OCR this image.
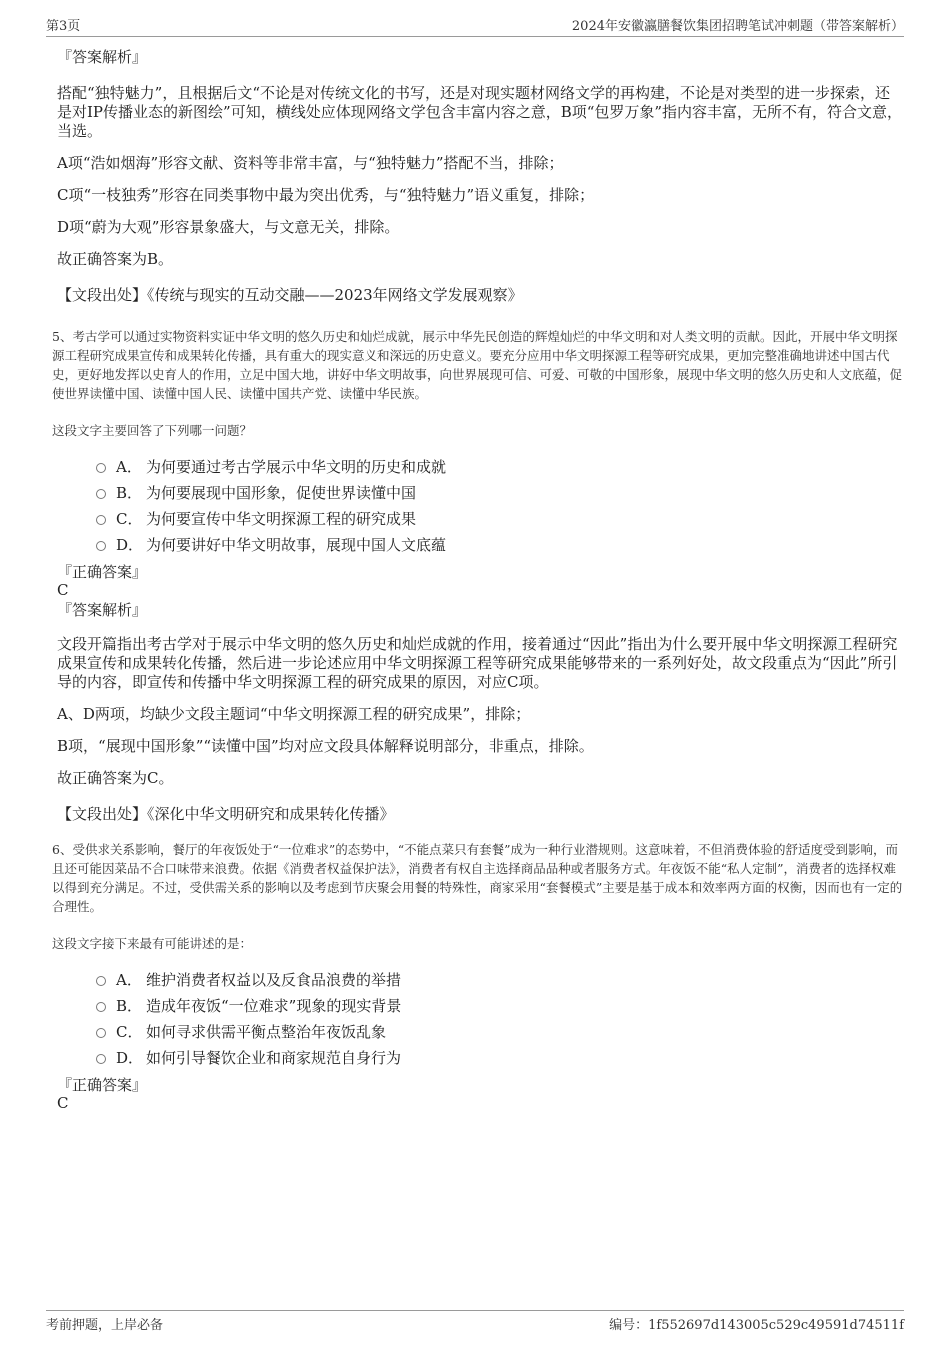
第3页	2024年安徽瀛膳餐饮集团招聘笔试冲刺题（带答案解析）
『答案解析』

搭配“独特魅力”，且根据后文“不论是对传统文化的书写，还是对现实题材网络文学的再构建，不论是对类型的进一步探索，还是对IP传播业态的新图绘”可知，横线处应体现网络文学包含丰富内容之意，B项“包罗万象”指内容丰富，无所不有，符合文意，当选。

A项“浩如烟海”形容文献、资料等非常丰富，与“独特魅力”搭配不当，排除；

C项“一枝独秀”形容在同类事物中最为突出优秀，与“独特魅力”语义重复，排除；

D项“蔚为大观”形容景象盛大，与文意无关，排除。

故正确答案为B。

【文段出处】《传统与现实的互动交融——2023年网络文学发展观察》

5、考古学可以通过实物资料实证中华文明的悠久历史和灿烂成就，展示中华先民创造的辉煌灿烂的中华文明和对人类文明的贡献。因此，开展中华文明探源工程研究成果宣传和成果转化传播，具有重大的现实意义和深远的历史意义。要充分应用中华文明探源工程等研究成果，更加完整准确地讲述中国古代史，更好地发挥以史育人的作用，立足中国大地，讲好中华文明故事，向世界展现可信、可爱、可敬的中国形象，展现中华文明的悠久历史和人文底蕴，促使世界读懂中国、读懂中国人民、读懂中国共产党、读懂中华民族。

这段文字主要回答了下列哪一问题？

A． 为何要通过考古学展示中华文明的历史和成就
B． 为何要展现中国形象，促使世界读懂中国
C． 为何要宣传中华文明探源工程的研究成果
D． 为何要讲好中华文明故事，展现中国人文底蕴
『正确答案』
C
『答案解析』

文段开篇指出考古学对于展示中华文明的悠久历史和灿烂成就的作用，接着通过“因此”指出为什么要开展中华文明探源工程研究成果宣传和成果转化传播，然后进一步论述应用中华文明探源工程等研究成果能够带来的一系列好处，故文段重点为“因此”所引导的内容，即宣传和传播中华文明探源工程的研究成果的原因，对应C项。

A、D两项，均缺少文段主题词“中华文明探源工程的研究成果”，排除；

B项，“展现中国形象”“读懂中国”均对应文段具体解释说明部分，非重点，排除。

故正确答案为C。

【文段出处】《深化中华文明研究和成果转化传播》

6、受供求关系影响，餐厅的年夜饭处于“一位难求”的态势中，“不能点菜只有套餐”成为一种行业潜规则。这意味着，不但消费体验的舒适度受到影响，而且还可能因菜品不合口味带来浪费。依据《消费者权益保护法》，消费者有权自主选择商品品种或者服务方式。年夜饭不能“私人定制”，消费者的选择权难以得到充分满足。不过，受供需关系的影响以及考虑到节庆聚会用餐的特殊性，商家采用“套餐模式”主要是基于成本和效率两方面的权衡，因而也有一定的合理性。

这段文字接下来最有可能讲述的是：

A． 维护消费者权益以及反食品浪费的举措
B． 造成年夜饭“一位难求”现象的现实背景
C． 如何寻求供需平衡点整治年夜饭乱象
D． 如何引导餐饮企业和商家规范自身行为
『正确答案』
C
考前押题，上岸必备	编号：1f552697d143005c529c49591d74511f
